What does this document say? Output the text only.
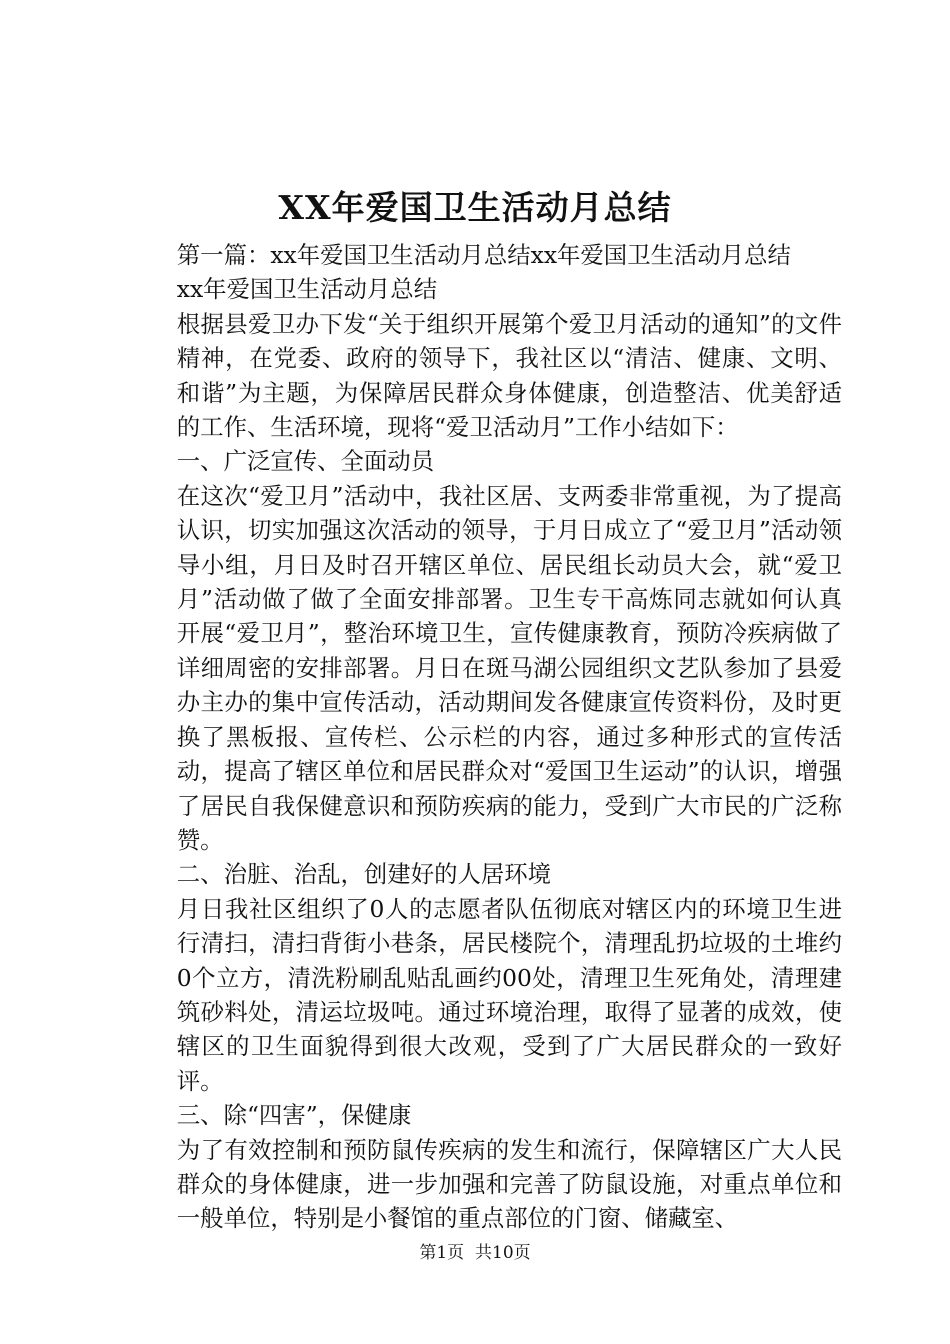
XX年爱国卫生活动月总结

第一篇：xx年爱国卫生活动月总结xx年爱国卫生活动月总结

xx年爱国卫生活动月总结

根据县爱卫办下发“关于组织开展第个爱卫月活动的通知”的文件精神，在党委、政府的领导下，我社区以“清洁、健康、文明、和谐”为主题，为保障居民群众身体健康，创造整洁、优美舒适的工作、生活环境，现将“爱卫活动月”工作小结如下：

一、广泛宣传、全面动员

在这次“爱卫月”活动中，我社区居、支两委非常重视，为了提高认识，切实加强这次活动的领导，于月日成立了“爱卫月”活动领导小组，月日及时召开辖区单位、居民组长动员大会，就“爱卫月”活动做了做了全面安排部署。卫生专干高炼同志就如何认真开展“爱卫月”，整治环境卫生，宣传健康教育，预防冷疾病做了详细周密的安排部署。月日在斑马湖公园组织文艺队参加了县爱办主办的集中宣传活动，活动期间发各健康宣传资料份，及时更换了黑板报、宣传栏、公示栏的内容，通过多种形式的宣传活动，提高了辖区单位和居民群众对“爱国卫生运动”的认识，增强了居民自我保健意识和预防疾病的能力，受到广大市民的广泛称赞。

二、治脏、治乱，创建好的人居环境

月日我社区组织了0人的志愿者队伍彻底对辖区内的环境卫生进行清扫，清扫背街小巷条，居民楼院个，清理乱扔垃圾的土堆约0个立方，清洗粉刷乱贴乱画约00处，清理卫生死角处，清理建筑砂料处，清运垃圾吨。通过环境治理，取得了显著的成效，使辖区的卫生面貌得到很大改观，受到了广大居民群众的一致好评。

三、除“四害”，保健康

为了有效控制和预防鼠传疾病的发生和流行，保障辖区广大人民群众的身体健康，进一步加强和完善了防鼠设施，对重点单位和一般单位，特别是小餐馆的重点部位的门窗、储藏室、

第1页 共10页
